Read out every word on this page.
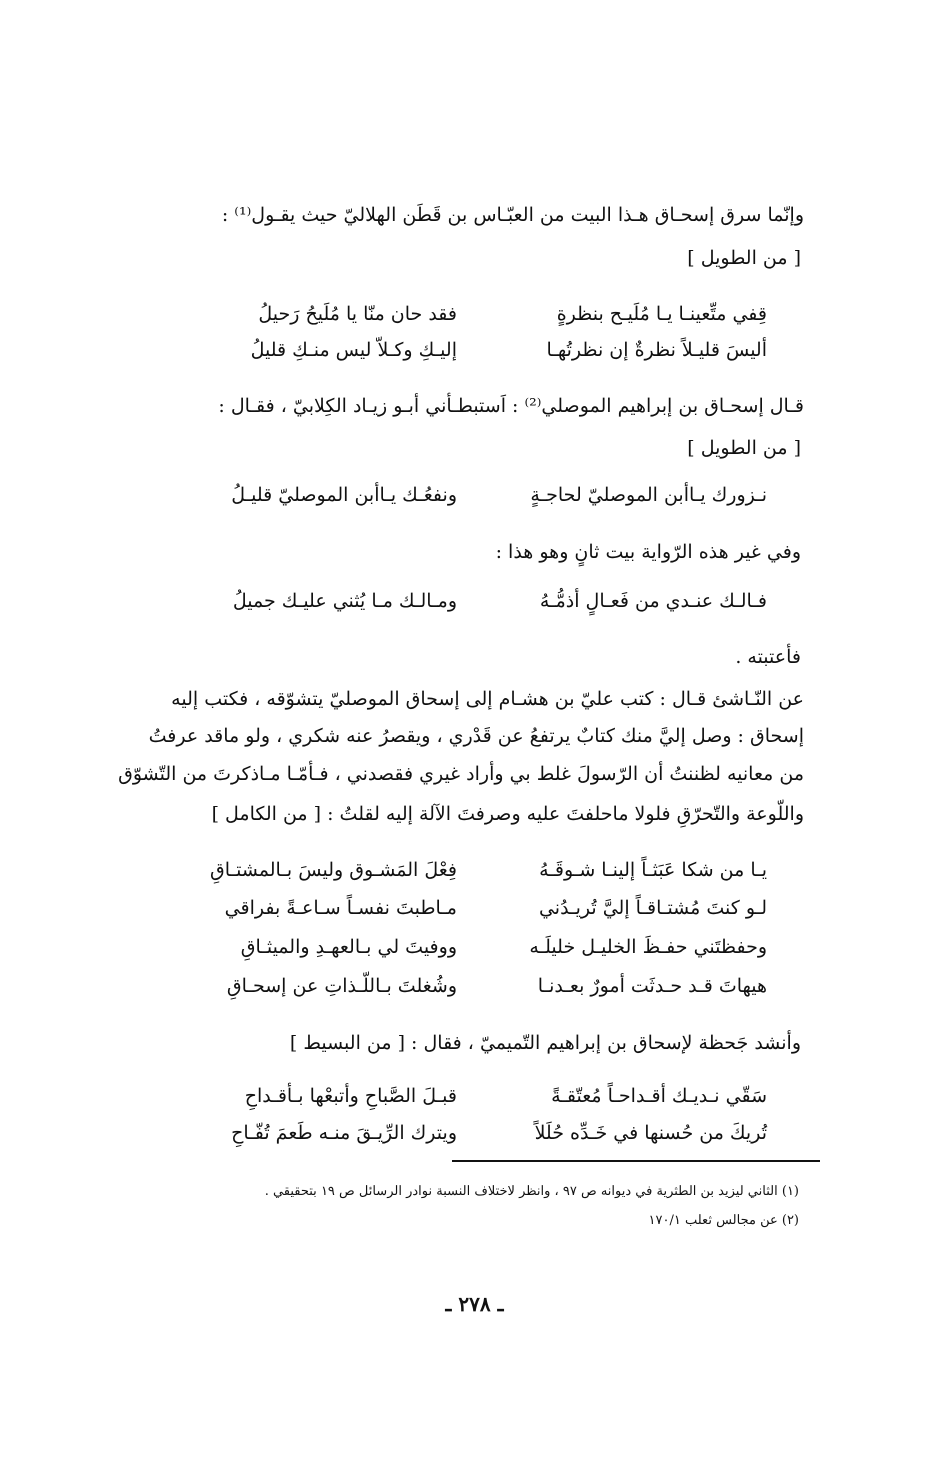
وإنّما سرق إسحـاق هـذا البيت من العبّـاس بن قَطَن الهلاليّ حيث يقـول⁽¹⁾ :
[ من الطويل ]
قِفي متِّعينـا يـا مُلَيـح بنظرةٍ
فقد حان منّا يا مُلَيحُ رَحيلُ
أليسَ قليـلاً نظرةٌ إن نظرتُهـا
إليـكِ وكـلاّ ليس منـكِ قليلُ
قـال إسحـاق بن إبراهيم الموصلي⁽²⁾ : اَستبطـأني أبـو زيـاد الكِلابيّ ، فقـال :
[ من الطويل ]
نـزورك يـاأبن الموصليّ لحاجـةٍ
ونفعُـك يـاأبن الموصليّ قليـلُ
وفي غير هذه الرّواية بيت ثانٍ وهو هذا :
فـالـك عنـدي من فَعـالٍ أذمُّـهُ
ومـالـك مـا يُثني عليـك جميلُ
فأعتبته .
عن النّـاشئ قـال : كتب عليّ بن هشـام إلى إسحاق الموصليّ يتشوّقه ، فكتب إليه
إسحاق : وصل إليَّ منك كتابٌ يرتفعُ عن قَدْري ، ويقصرُ عنه شكري ، ولو ماقد عرفتُ
من معانيه لظننتُ أن الرّسولَ غلط بي وأراد غيري فقصدني ، فـأمّـا مـاذكرتَ من التّشوّق
واللّوعة والتّحرّقِ فلولا ماحلفتَ عليه وصرفتَ الآلة إليه لقلتُ : [ من الكامل ]
يـا من شكا عَبَثـاً إلينـا شـوقَـهُ
فِعْلَ المَشـوق وليسَ بـالمشتـاقِ
لـو كنتَ مُشتـاقـاً إليَّ تُريـدُني
مـاطبتَ نفسـاً سـاعـةً بفراقي
وحفظتَني حفـظَ الخليـل خليلَـه
ووفيتَ لي بـالعهـدِ والميثـاقِ
هيهاتَ قـد حـدثَت أمورٌ بعـدنـا
وشُغلتَ بـاللّـذاتِ عن إسحـاقِ
وأنشد جَحظة لإسحاق بن إبراهيم التّميميّ ، فقال : [ من البسيط ]
سَقّي نـديـك أقـداحـاً مُعتّقـةً
قبـلَ الصَّباحِ وأتبعْها بـأقـداحِ
تُريكَ من حُسنها في خَـدِّه حُلَلاً
ويترك الرِّيـقَ منـه طَعمَ تُفّـاحِ
(١) الثاني ليزيد بن الطثرية في ديوانه ص ٩٧ ، وانظر لاختلاف النسبة نوادر الرسائل ص ١٩ بتحقيقي .
(٢) عن مجالس ثعلب ١٧٠/١
ـ ٢٧٨ ـ
